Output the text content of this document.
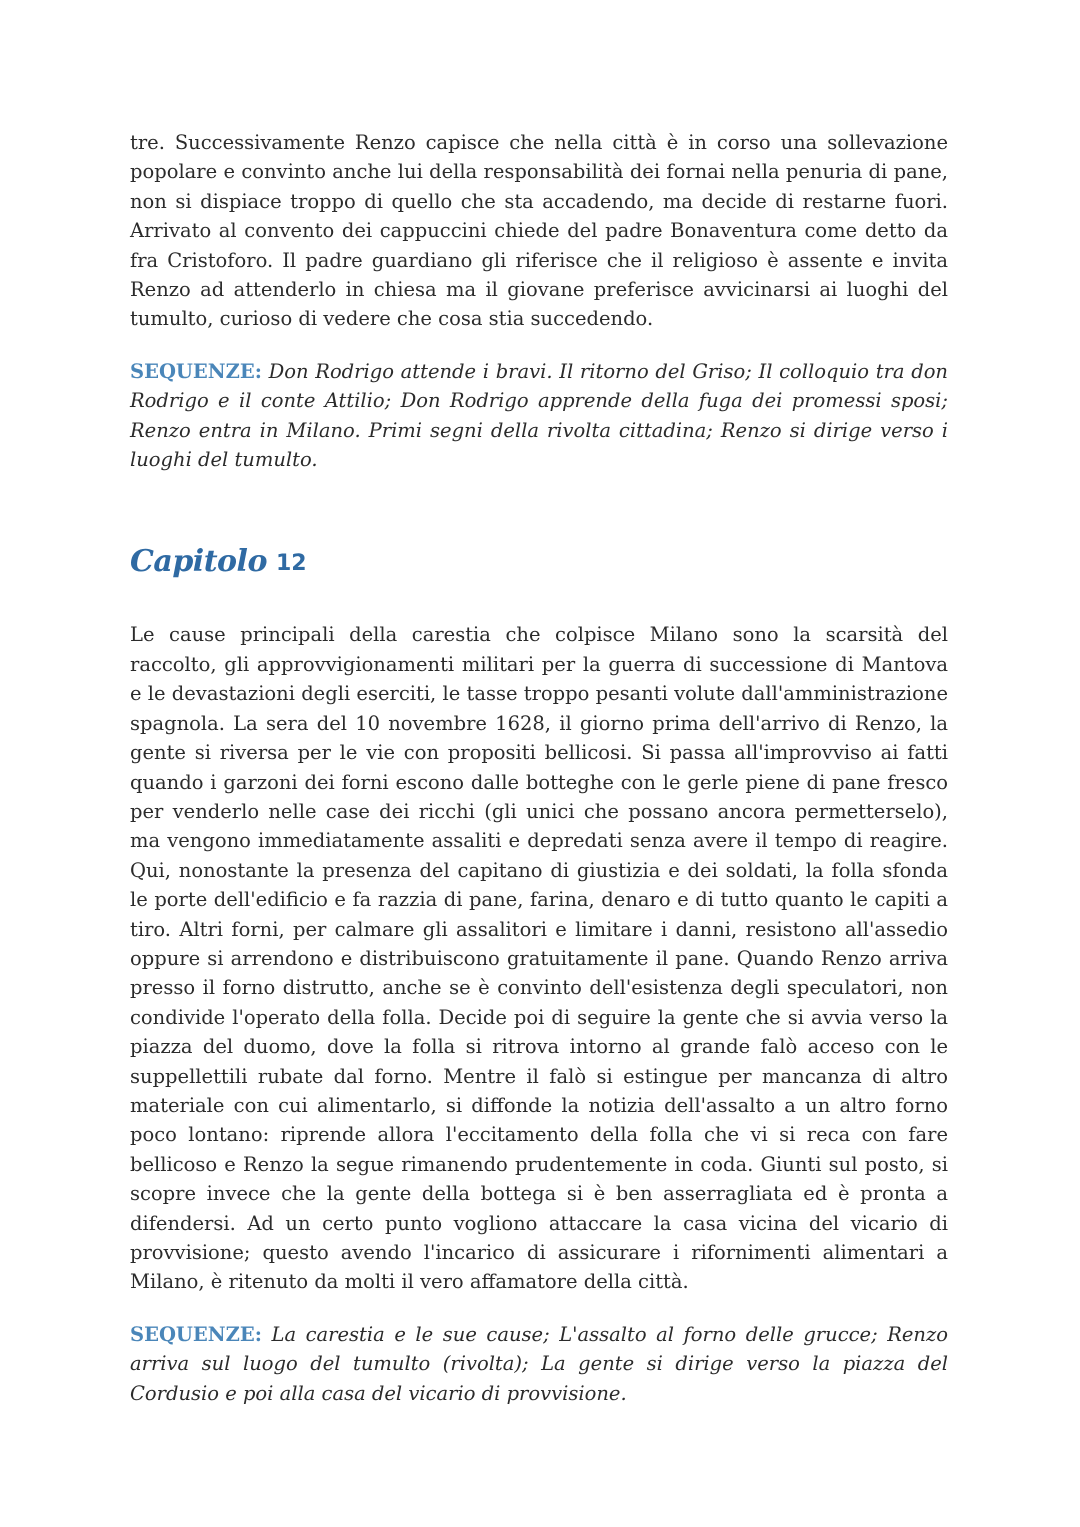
tre. Successivamente Renzo capisce che nella città è in corso una sollevazione popolare e convinto anche lui della responsabilità dei fornai nella penuria di pane, non si dispiace troppo di quello che sta accadendo, ma decide di restarne fuori. Arrivato al convento dei cappuccini chiede del padre Bonaventura come detto da fra Cristoforo. Il padre guardiano gli riferisce che il religioso è assente e invita Renzo ad attenderlo in chiesa ma il giovane preferisce avvicinarsi ai luoghi del tumulto, curioso di vedere che cosa stia succedendo.

SEQUENZE: Don Rodrigo attende i bravi. Il ritorno del Griso; Il colloquio tra don Rodrigo e il conte Attilio; Don Rodrigo apprende della fuga dei promessi sposi; Renzo entra in Milano. Primi segni della rivolta cittadina; Renzo si dirige verso i luoghi del tumulto.

Capitolo 12

Le cause principali della carestia che colpisce Milano sono la scarsità del raccolto, gli approvvigionamenti militari per la guerra di successione di Mantova e le devastazioni degli eserciti, le tasse troppo pesanti volute dall'amministrazione spagnola. La sera del 10 novembre 1628, il giorno prima dell'arrivo di Renzo, la gente si riversa per le vie con propositi bellicosi. Si passa all'improvviso ai fatti quando i garzoni dei forni escono dalle botteghe con le gerle piene di pane fresco per venderlo nelle case dei ricchi (gli unici che possano ancora permetterselo), ma vengono immediatamente assaliti e depredati senza avere il tempo di reagire. Qui, nonostante la presenza del capitano di giustizia e dei soldati, la folla sfonda le porte dell'edificio e fa razzia di pane, farina, denaro e di tutto quanto le capiti a tiro. Altri forni, per calmare gli assalitori e limitare i danni, resistono all'assedio oppure si arrendono e distribuiscono gratuitamente il pane. Quando Renzo arriva presso il forno distrutto, anche se è convinto dell'esistenza degli speculatori, non condivide l'operato della folla. Decide poi di seguire la gente che si avvia verso la piazza del duomo, dove la folla si ritrova intorno al grande falò acceso con le suppellettili rubate dal forno. Mentre il falò si estingue per mancanza di altro materiale con cui alimentarlo, si diffonde la notizia dell'assalto a un altro forno poco lontano: riprende allora l'eccitamento della folla che vi si reca con fare bellicoso e Renzo la segue rimanendo prudentemente in coda. Giunti sul posto, si scopre invece che la gente della bottega si è ben asserragliata ed è pronta a difendersi. Ad un certo punto vogliono attaccare la casa vicina del vicario di provvisione; questo avendo l'incarico di assicurare i rifornimenti alimentari a Milano, è ritenuto da molti il vero affamatore della città.

SEQUENZE: La carestia e le sue cause; L'assalto al forno delle grucce; Renzo arriva sul luogo del tumulto (rivolta); La gente si dirige verso la piazza del Cordusio e poi alla casa del vicario di provvisione.
